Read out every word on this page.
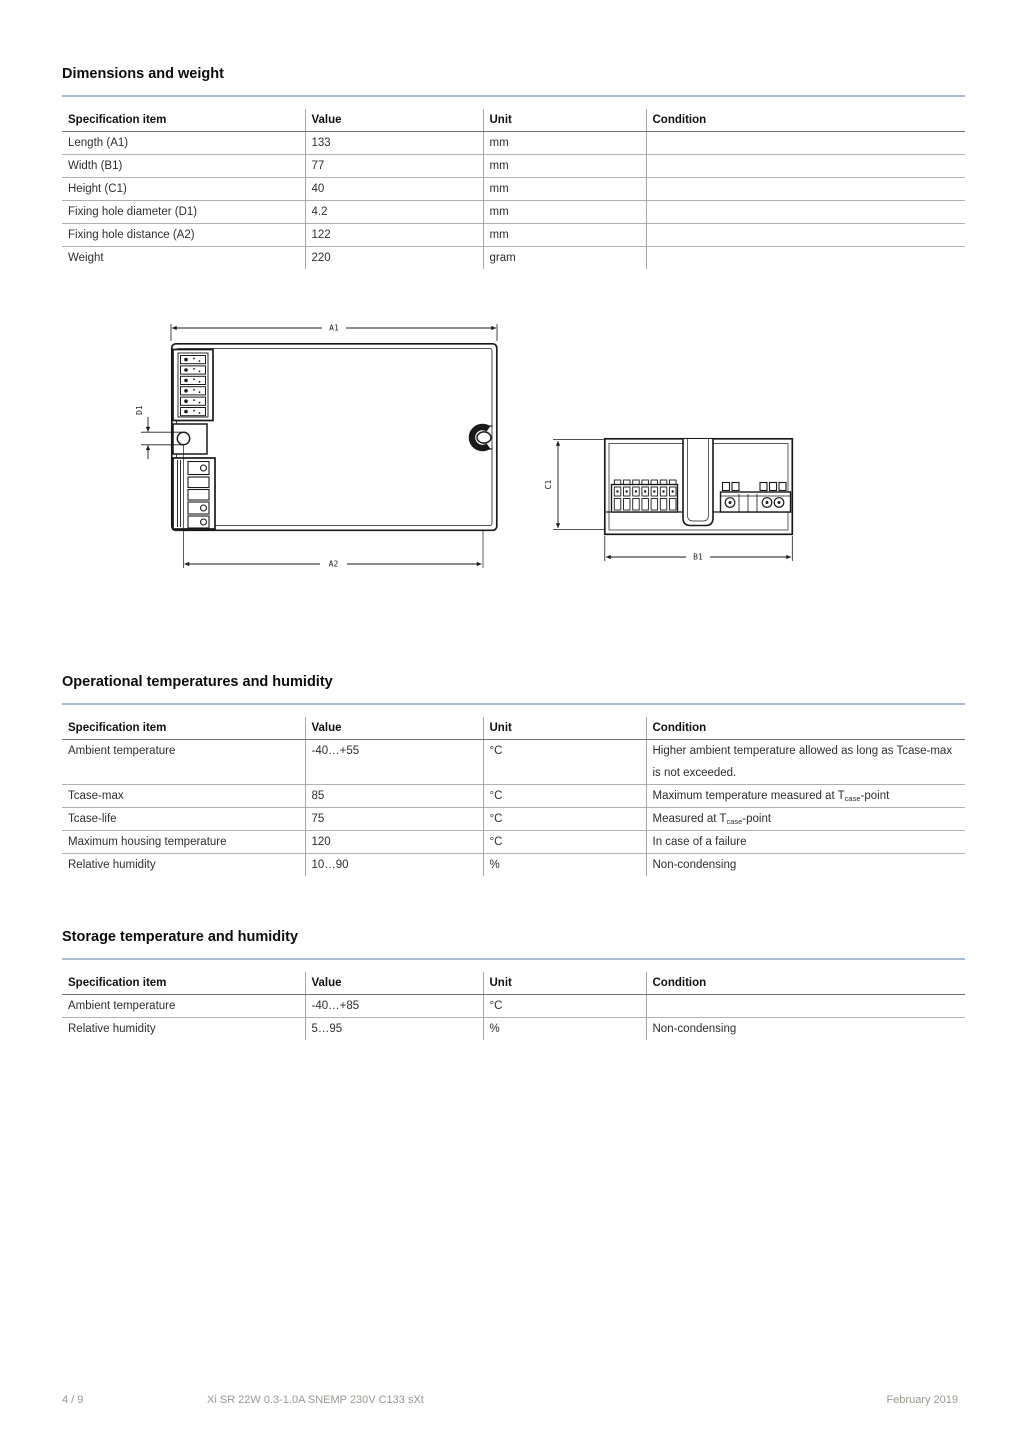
Dimensions and weight
Specification item	Value	Unit	Condition
Length (A1)	133	mm	
Width (B1)	77	mm	
Height (C1)	40	mm	
Fixing hole diameter (D1)	4.2	mm	
Fixing hole distance (A2)	122	mm	
Weight	220	gram	
A1
A2
D1
C1
B1
Operational temperatures and humidity
Specification item	Value	Unit	Condition
Ambient temperature	-40…+55	°C	Higher ambient temperature allowed as long as Tcase-max is not exceeded.
Tcase-max	85	°C	Maximum temperature measured at $T_{case}$-point
Tcase-life	75	°C	Measured at $T_{case}$-point
Maximum housing temperature	120	°C	In case of a failure
Relative humidity	10…90	%	Non-condensing
Storage temperature and humidity
Specification item	Value	Unit	Condition
Ambient temperature	-40…+85	°C	
Relative humidity	5…95	%	Non-condensing
4 / 9	Xi SR 22W 0.3-1.0A SNEMP 230V C133 sXt	February 2019
